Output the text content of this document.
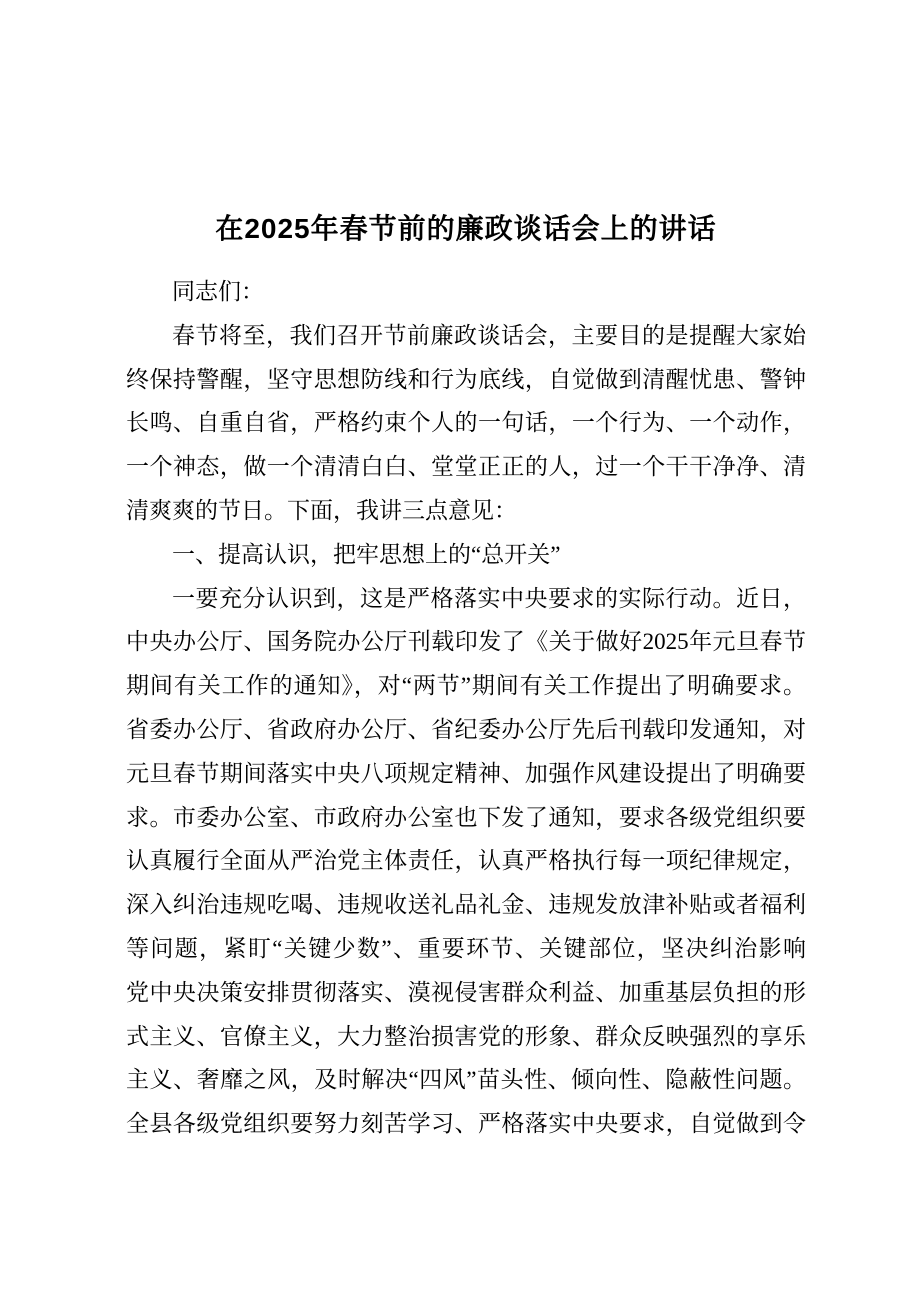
在2025年春节前的廉政谈话会上的讲话
同志们：
春节将至，我们召开节前廉政谈话会，主要目的是提醒大家始
终保持警醒，坚守思想防线和行为底线，自觉做到清醒忧患、警钟
长鸣、自重自省，严格约束个人的一句话，一个行为、一个动作，
一个神态，做一个清清白白、堂堂正正的人，过一个干干净净、清
清爽爽的节日。下面，我讲三点意见：
一、提高认识，把牢思想上的“总开关”
一要充分认识到，这是严格落实中央要求的实际行动。近日，
中央办公厅、国务院办公厅刊载印发了《关于做好2025年元旦春节
期间有关工作的通知》，对“两节”期间有关工作提出了明确要求。
省委办公厅、省政府办公厅、省纪委办公厅先后刊载印发通知，对
元旦春节期间落实中央八项规定精神、加强作风建设提出了明确要
求。市委办公室、市政府办公室也下发了通知，要求各级党组织要
认真履行全面从严治党主体责任，认真严格执行每一项纪律规定，
深入纠治违规吃喝、违规收送礼品礼金、违规发放津补贴或者福利
等问题，紧盯“关键少数”、重要环节、关键部位，坚决纠治影响
党中央决策安排贯彻落实、漠视侵害群众利益、加重基层负担的形
式主义、官僚主义，大力整治损害党的形象、群众反映强烈的享乐
主义、奢靡之风，及时解决“四风”苗头性、倾向性、隐蔽性问题。
全县各级党组织要努力刻苦学习、严格落实中央要求，自觉做到令
